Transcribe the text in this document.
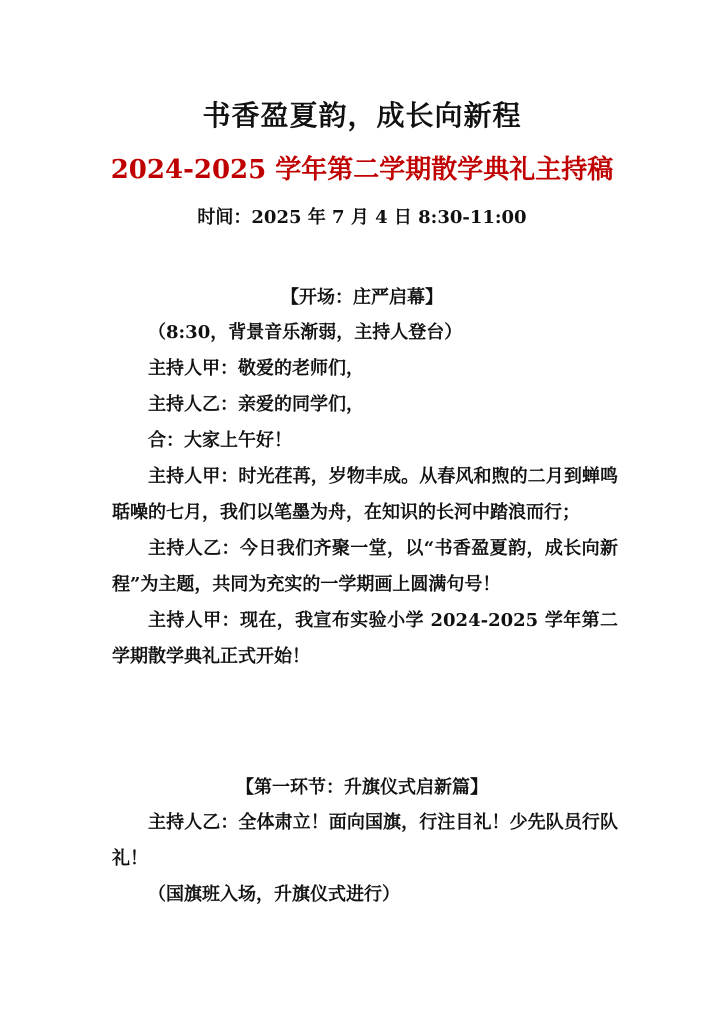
书香盈夏韵，成长向新程
2024-2025 学年第二学期散学典礼主持稿
时间：2025 年 7 月 4 日 8:30-11:00
【开场：庄严启幕】

（8:30，背景音乐渐弱，主持人登台）

主持人甲：敬爱的老师们，

主持人乙：亲爱的同学们，

合：大家上午好！

主持人甲：时光荏苒，岁物丰成。从春风和煦的二月到蝉鸣聒噪的七月，我们以笔墨为舟，在知识的长河中踏浪而行；

主持人乙：今日我们齐聚一堂，以“书香盈夏韵，成长向新程”为主题，共同为充实的一学期画上圆满句号！

主持人甲：现在，我宣布实验小学 2024-2025 学年第二学期散学典礼正式开始！

【第一环节：升旗仪式启新篇】

主持人乙：全体肃立！面向国旗，行注目礼！少先队员行队礼！

（国旗班入场，升旗仪式进行）
